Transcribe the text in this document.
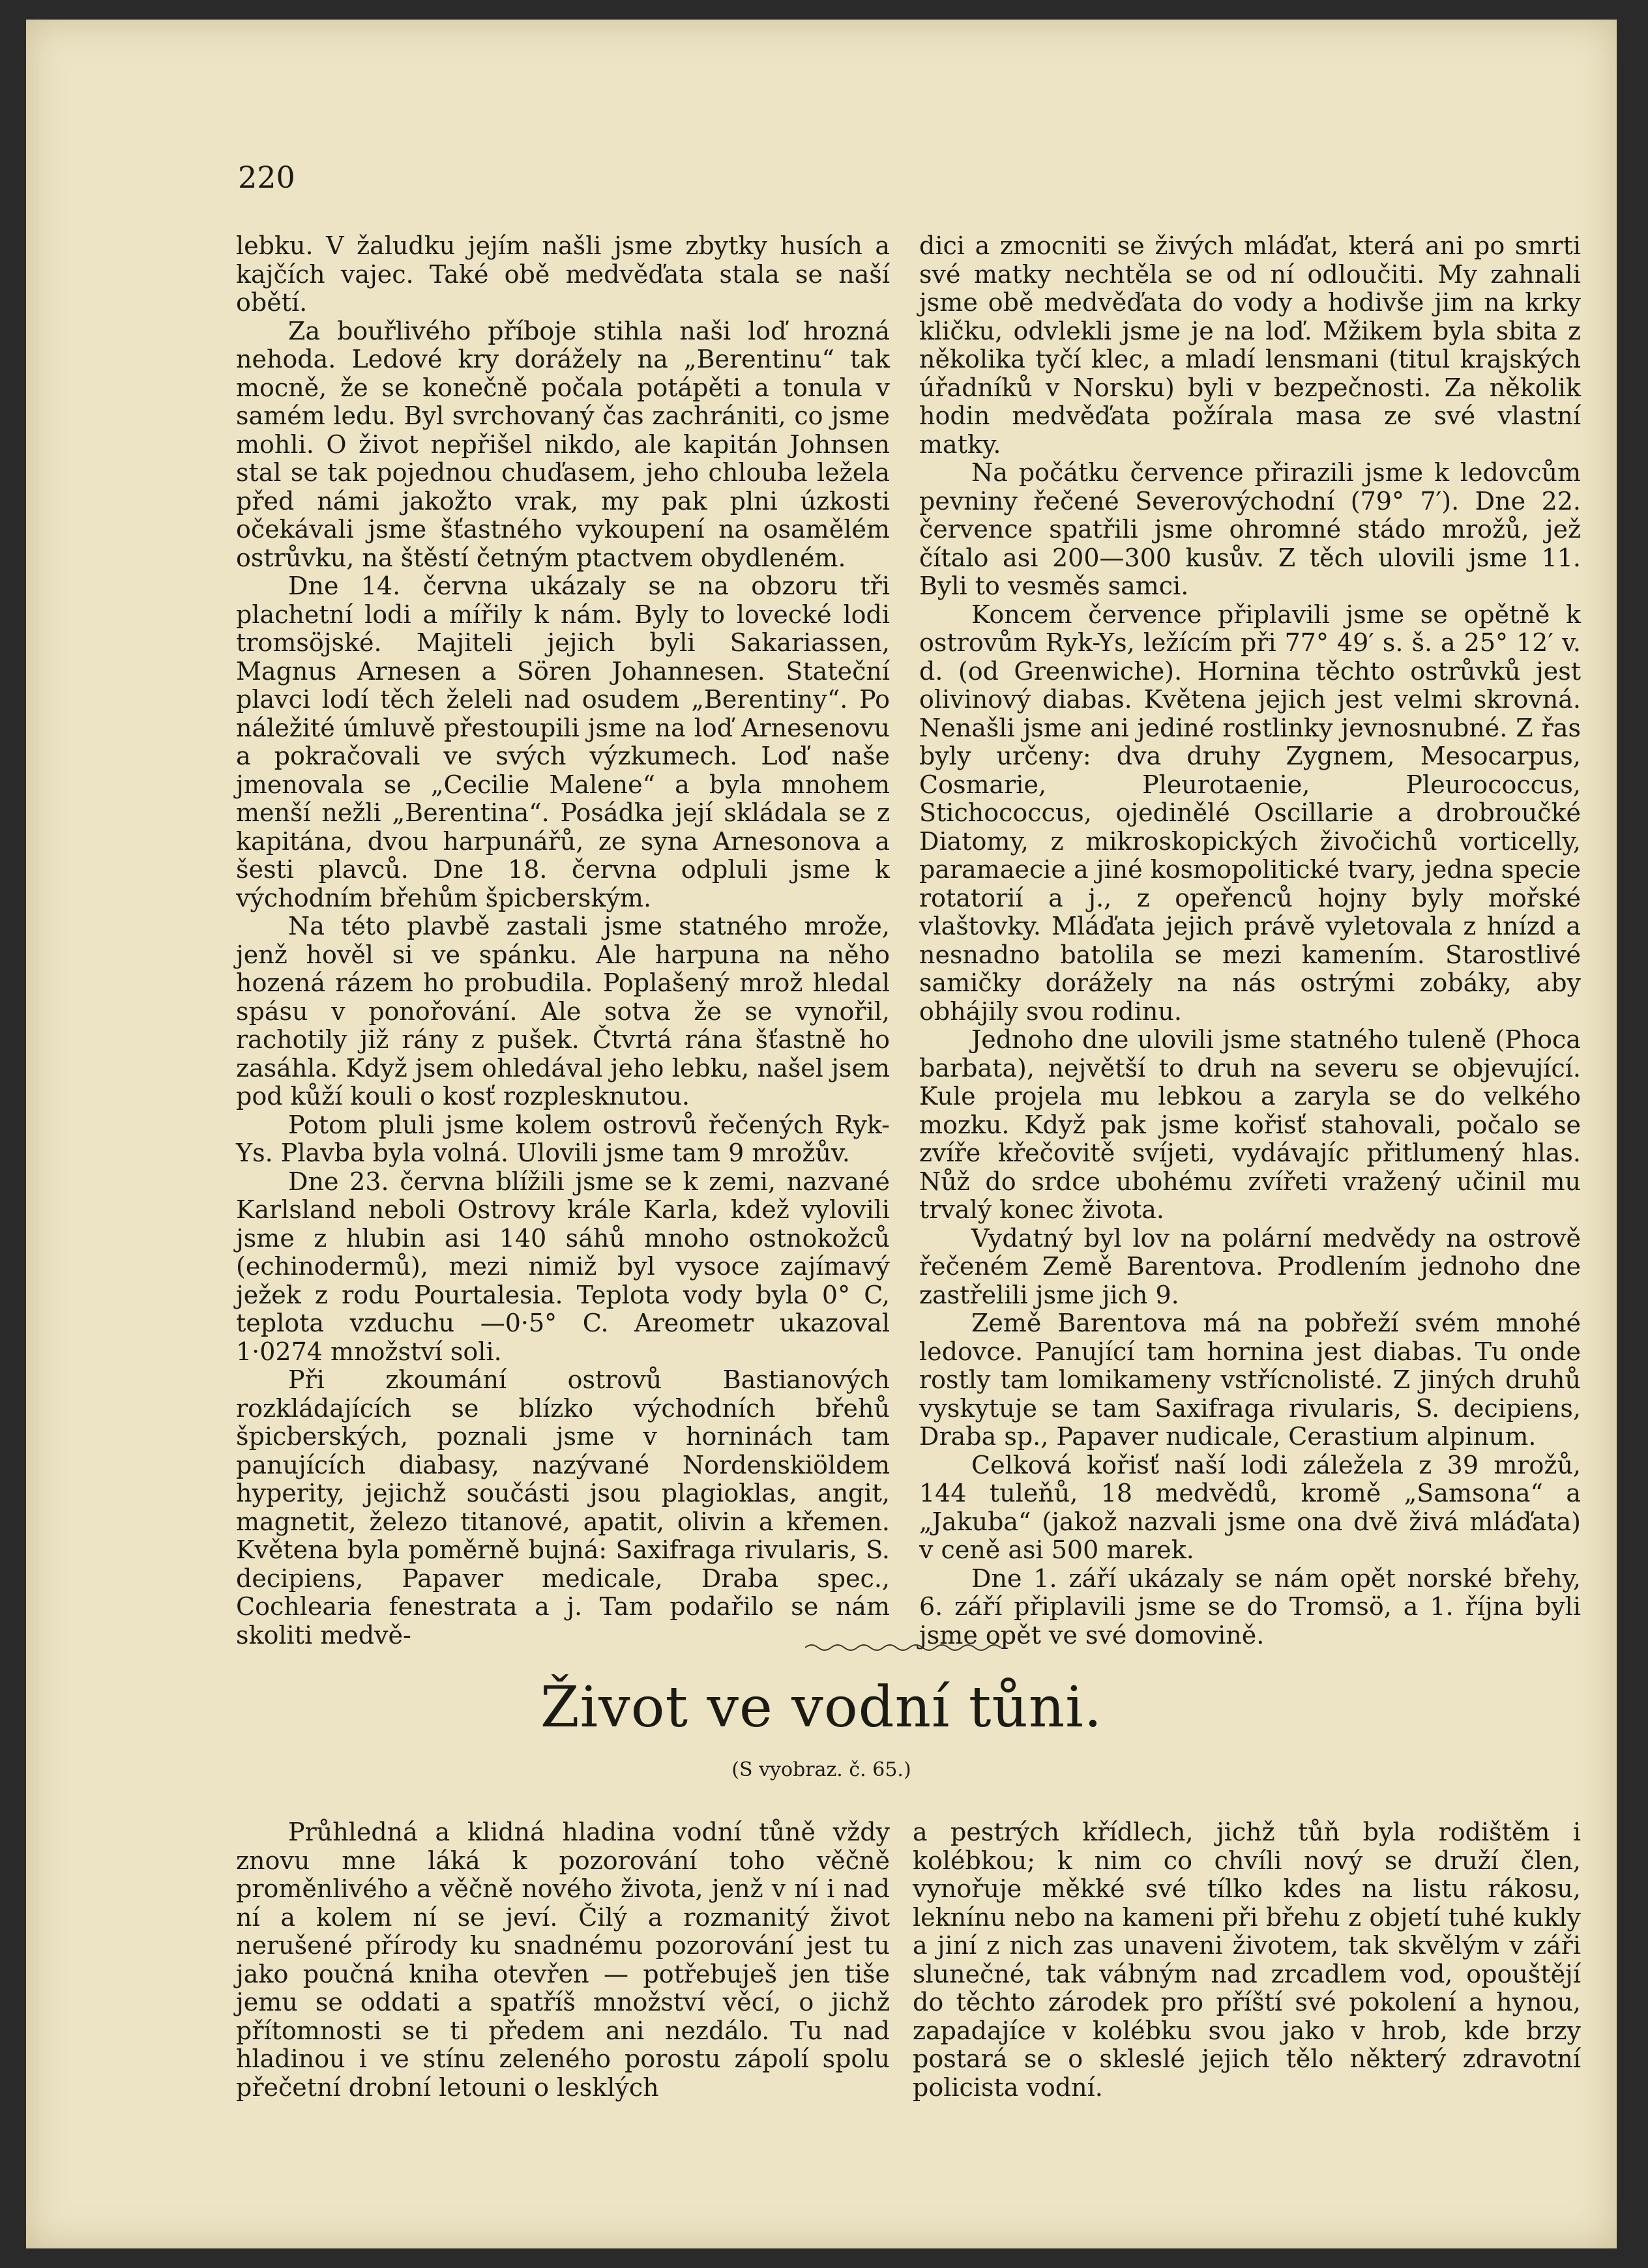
220

lebku. V žaludku jejím našli jsme zbytky husích a kajčích vajec. Také obě medvěďata stala se naší obětí.

Za bouřlivého příboje stihla naši loď hrozná nehoda. Ledové kry dorážely na „Berentinu“ tak mocně, že se konečně počala potápěti a tonula v samém ledu. Byl svrchovaný čas zachrániti, co jsme mohli. O život nepřišel nikdo, ale kapitán Johnsen stal se tak pojednou chuďasem, jeho chlouba ležela před námi jakožto vrak, my pak plni úzkosti očekávali jsme šťastného vykoupení na osamělém ostrůvku, na štěstí četným ptactvem obydleném.

Dne 14. června ukázaly se na obzoru tři plachetní lodi a mířily k nám. Byly to lovecké lodi tromsöjské. Majiteli jejich byli Sakariassen, Magnus Arnesen a Sören Johannesen. Stateční plavci lodí těch želeli nad osudem „Berentiny“. Po náležité úmluvě přestoupili jsme na loď Arnesenovu a pokračovali ve svých výzkumech. Loď naše jmenovala se „Cecilie Malene“ a byla mnohem menší nežli „Berentina“. Posádka její skládala se z kapitána, dvou harpunářů, ze syna Arnesonova a šesti plavců. Dne 18. června odpluli jsme k východním břehům špicberským.

Na této plavbě zastali jsme statného mrože, jenž hověl si ve spánku. Ale harpuna na něho hozená rázem ho probudila. Poplašený mrož hledal spásu v ponořování. Ale sotva že se vynořil, rachotily již rány z pušek. Čtvrtá rána šťastně ho zasáhla. Když jsem ohledával jeho lebku, našel jsem pod kůží kouli o kosť rozplesknutou.

Potom pluli jsme kolem ostrovů řečených Ryk-Ys. Plavba byla volná. Ulovili jsme tam 9 mrožův.

Dne 23. června blížili jsme se k zemi, nazvané Karlsland neboli Ostrovy krále Karla, kdež vylovili jsme z hlubin asi 140 sáhů mnoho ostnokožců (echinodermů), mezi nimiž byl vysoce zajímavý ježek z rodu Pourtalesia. Teplota vody byla 0° C, teplota vzduchu —0·5° C. Areometr ukazoval 1·0274 množství soli.

Při zkoumání ostrovů Bastianových rozkládajících se blízko východních břehů špicberských, poznali jsme v horninách tam panujících diabasy, nazývané Nordenskiöldem hyperity, jejichž součásti jsou plagioklas, angit, magnetit, železo titanové, apatit, olivin a křemen. Květena byla poměrně bujná: Saxifraga rivularis, S. decipiens, Papaver medicale, Draba spec., Cochlearia fenestrata a j. Tam podařilo se nám skoliti medvě-

dici a zmocniti se živých mláďat, která ani po smrti své matky nechtěla se od ní odloučiti. My zahnali jsme obě medvěďata do vody a hodivše jim na krky kličku, odvlekli jsme je na loď. Mžikem byla sbita z několika tyčí klec, a mladí lensmani (titul krajských úřadníků v Norsku) byli v bezpečnosti. Za několik hodin medvěďata požírala masa ze své vlastní matky.

Na počátku července přirazili jsme k ledovcům pevniny řečené Severovýchodní (79° 7′). Dne 22. července spatřili jsme ohromné stádo mrožů, jež čítalo asi 200—300 kusův. Z těch ulovili jsme 11. Byli to vesměs samci.

Koncem července připlavili jsme se opětně k ostrovům Ryk-Ys, ležícím při 77° 49′ s. š. a 25° 12′ v. d. (od Greenwiche). Hornina těchto ostrůvků jest olivinový diabas. Květena jejich jest velmi skrovná. Nenašli jsme ani jediné rostlinky jevnosnubné. Z řas byly určeny: dva druhy Zygnem, Mesocarpus, Cosmarie, Pleurotaenie, Pleurococcus, Stichococcus, ojedinělé Oscillarie a drobroučké Diatomy, z mikroskopických živočichů vorticelly, paramaecie a jiné kosmopolitické tvary, jedna specie rotatorií a j., z opeřenců hojny byly mořské vlaštovky. Mláďata jejich právě vyletovala z hnízd a nesnadno batolila se mezi kamením. Starostlivé samičky dorážely na nás ostrými zobáky, aby obhájily svou rodinu.

Jednoho dne ulovili jsme statného tuleně (Phoca barbata), největší to druh na severu se objevující. Kule projela mu lebkou a zaryla se do velkého mozku. Když pak jsme kořisť stahovali, počalo se zvíře křečovitě svíjeti, vydávajíc přitlumený hlas. Nůž do srdce ubohému zvířeti vražený učinil mu trvalý konec života.

Vydatný byl lov na polární medvědy na ostrově řečeném Země Barentova. Prodlením jednoho dne zastřelili jsme jich 9.

Země Barentova má na pobřeží svém mnohé ledovce. Panující tam hornina jest diabas. Tu onde rostly tam lomikameny vstřícnolisté. Z jiných druhů vyskytuje se tam Saxifraga rivularis, S. decipiens, Draba sp., Papaver nudicale, Cerastium alpinum.

Celková kořisť naší lodi záležela z 39 mrožů, 144 tuleňů, 18 medvědů, kromě „Samsona“ a „Jakuba“ (jakož nazvali jsme ona dvě živá mláďata) v ceně asi 500 marek.

Dne 1. září ukázaly se nám opět norské břehy, 6. září připlavili jsme se do Tromsö, a 1. října byli jsme opět ve své domovině.

Život ve vodní tůni.
(S vyobraz. č. 65.)

Průhledná a klidná hladina vodní tůně vždy znovu mne láká k pozorování toho věčně proměnlivého a věčně nového života, jenž v ní i nad ní a kolem ní se jeví. Čilý a rozmanitý život nerušené přírody ku snadnému pozorování jest tu jako poučná kniha otevřen — potřebuješ jen tiše jemu se oddati a spatříš množství věcí, o jichž přítomnosti se ti předem ani nezdálo. Tu nad hladinou i ve stínu zeleného porostu zápolí spolu přečetní drobní letouni o lesklých

a pestrých křídlech, jichž tůň byla rodištěm i kolébkou; k nim co chvíli nový se druží člen, vynořuje měkké své tílko kdes na listu rákosu, leknínu nebo na kameni při břehu z objetí tuhé kukly a jiní z nich zas unaveni životem, tak skvělým v záři slunečné, tak vábným nad zrcadlem vod, opouštějí do těchto zárodek pro příští své pokolení a hynou, zapadajíce v kolébku svou jako v hrob, kde brzy postará se o skleslé jejich tělo některý zdravotní policista vodní.
